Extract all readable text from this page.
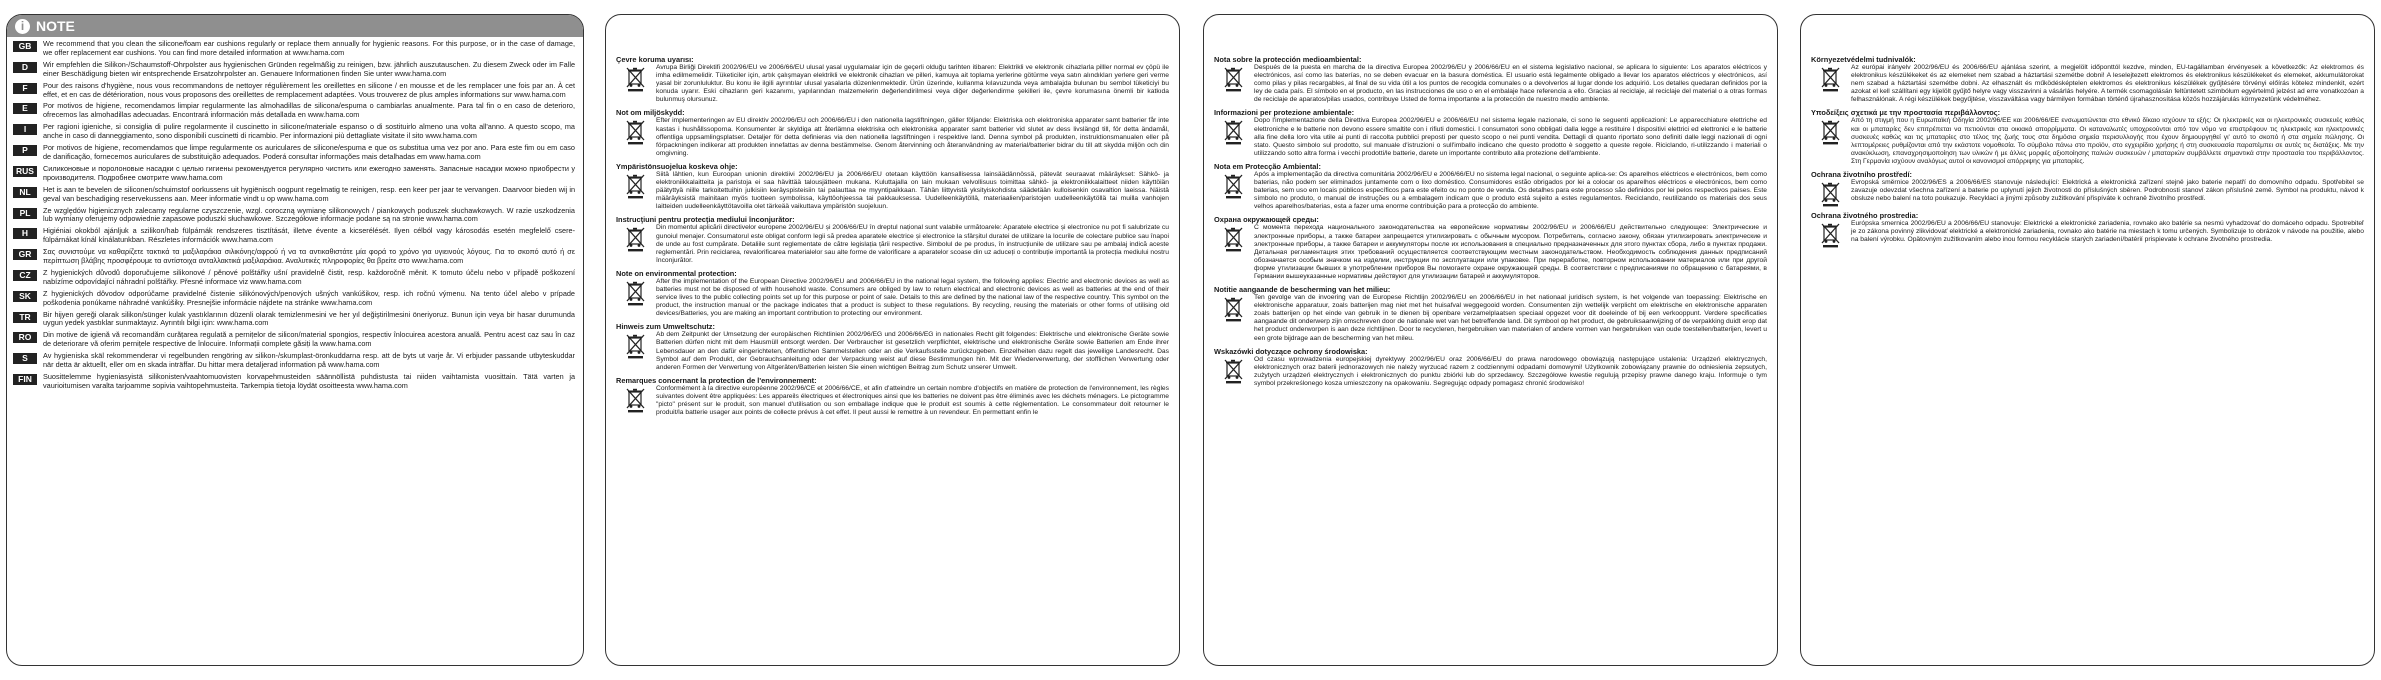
i NOTE
GB	We recommend that you clean the silicone/foam ear cushions regularly or replace them annually for hygienic reasons. For this purpose, or in the case of damage, we offer replacement ear cushions. You can find more detailed information at www.hama.com
D	Wir empfehlen die Silikon-/Schaumstoff-Ohrpolster aus hygienischen Gründen regelmäßig zu reinigen, bzw. jährlich auszutauschen. Zu diesem Zweck oder im Falle einer Beschädigung bieten wir entsprechende Ersatzohrpolster an. Genauere Informationen finden Sie unter www.hama.com
F	Pour des raisons d'hygiène, nous vous recommandons de nettoyer régulièrement les oreillettes en silicone / en mousse et de les remplacer une fois par an. À cet effet, et en cas de détérioration, nous vous proposons des oreillettes de remplacement adaptées. Vous trouverez de plus amples informations sur www.hama.com
E	Por motivos de higiene, recomendamos limpiar regularmente las almohadillas de silicona/espuma o cambiarlas anualmente. Para tal fin o en caso de deterioro, ofrecemos las almohadillas adecuadas. Encontrará información más detallada en www.hama.com
I	Per ragioni igieniche, si consiglia di pulire regolarmente il cuscinetto in silicone/materiale espanso o di sostituirlo almeno una volta all'anno. A questo scopo, ma anche in caso di danneggiamento, sono disponibili cuscinetti di ricambio. Per informazioni più dettagliate visitate il sito www.hama.com
P	Por motivos de higiene, recomendamos que limpe regularmente os auriculares de silicone/espuma e que os substitua uma vez por ano. Para este fim ou em caso de danificação, fornecemos auriculares de substituição adequados. Poderá consultar informações mais detalhadas em www.hama.com
RUS	Силиконовые и поролоновые насадки с целью гигиены рекомендуется регулярно чистить или ежегодно заменять. Запасные насадки можно приобрести у производителя. Подробнее смотрите www.hama.com
NL	Het is aan te bevelen de siliconen/schuimstof oorkussens uit hygiënisch oogpunt regelmatig te reinigen, resp. een keer per jaar te vervangen. Daarvoor bieden wij in geval van beschadiging reservekussens aan. Meer informatie vindt u op www.hama.com
PL	Ze względów higienicznych zalecamy regularne czyszczenie, wzgl. coroczną wymianę silikonowych / piankowych poduszek słuchawkowych. W razie uszkodzenia lub wymiany oferujemy odpowiednie zapasowe poduszki słuchawkowe. Szczegółowe informacje podane są na stronie www.hama.com
H	Higiéniai okokból ajánljuk a szilikon/hab fülpárnák rendszeres tisztítását, illetve évente a kicserélését. Ilyen célból vagy károsodás esetén megfelelő csere-fülpárnákat kínál kínálatunkban. Részletes információk www.hama.com
GR	Σας συνιστούμε να καθαρίζετε τακτικά τα μαξιλαράκια σιλικόνης/αφρού ή να τα αντικαθιστάτε μία φορά το χρόνο για υγιεινούς λόγους. Για το σκοπό αυτό ή σε περίπτωση βλάβης προσφέρουμε τα αντίστοιχα ανταλλακτικά μαξιλαράκια. Αναλυτικές πληροφορίες θα βρείτε στο www.hama.com
CZ	Z hygienických důvodů doporučujeme silikonové / pěnové polštářky ušní pravidelně čistit, resp. každoročně měnit. K tomuto účelu nebo v případě poškození nabízíme odpovídající náhradní polštářky. Přesné informace viz www.hama.com
SK	Z hygienických dôvodov odporúčame pravidelné čistenie silikónových/penových ušných vankúšikov, resp. ich ročnú výmenu. Na tento účel alebo v prípade poškodenia ponúkame náhradné vankúšiky. Presnejšie informácie nájdete na stránke www.hama.com
TR	Bir hijyen gereği olarak silikon/sünger kulak yastıklarının düzenli olarak temizlenmesini ve her yıl değiştirilmesini öneriyoruz. Bunun için veya bir hasar durumunda uygun yedek yastıklar sunmaktayız. Ayrıntılı bilgi için: www.hama.com
RO	Din motive de igienă vă recomandăm curățarea regulată a pernițelor de silicon/material spongios, respectiv înlocuirea acestora anuală. Pentru acest caz sau în caz de deteriorare vă oferim pernițele respective de înlocuire. Informații complete găsiți la www.hama.com
S	Av hygieniska skäl rekommenderar vi regelbunden rengöring av silikon-/skumplast-öronkuddarna resp. att de byts ut varje år. Vi erbjuder passande utbyteskuddar när detta är aktuellt, eller om en skada inträffar. Du hittar mera detaljerad information på www.hama.com
FIN	Suosittelemme hygieniasyistä silikonisten/vaahtomuovisten korvapehmusteiden säännöllistä puhdistusta tai niiden vaihtamista vuosittain. Tätä varten ja vaurioitumisen varalta tarjoamme sopivia vaihtopehmusteita. Tarkempia tietoja löydät osoitteesta www.hama.com
Çevre koruma uyarısı:
Avrupa Birliği Direktifi 2002/96/EU ve 2006/66/EU ulusal yasal uygulamalar için de geçerli olduğu tarihten itibaren: Elektrikli ve elektronik cihazlarla pilller normal ev çöpü ile imha edilmemelidir. Tüketiciler için, artık çalışmayan elektrikli ve elektronik cihazları ve pilleri, kamuya ait toplama yerlerine götürme veya satın alındıkları yerlere geri verme yasal bir zorunluluktur. Bu konu ile ilgili ayrıntılar ulusal yasalarla düzenlenmektedir. Ürün üzerinde, kullanma kılavuzunda veya ambalajda bulunan bu sembol tüketiciyi bu konuda uyarır. Eski cihazların geri kazanımı, yapılarından malzemelerin değerlendirilmesi veya diğer değerlendirme şekilleri ile, çevre korumasına önemli bir katkıda bulunmuş olursunuz.
Not om miljöskydd:
Efter implementeringen av EU direktiv 2002/96/EU och 2006/66/EU i den nationella lagstiftningen, gäller följande: Elektriska och elektroniska apparater samt batterier får inte kastas i hushållssoporna. Konsumenter är skyldiga att återlämna elektriska och elektroniska apparater samt batterier vid slutet av dess livslängd till, för detta ändamål, offentliga uppsamlingsplatser. Detaljer för detta definieras via den nationella lagstiftningen i respektive land. Denna symbol på produkten, instruktionsmanualen eller på förpackningen indikerar att produkten innefattas av denna bestämmelse. Genom återvinning och återanvändning av material/batterier bidrar du till att skydda miljön och din omgivning.
Ympäristönsuojelua koskeva ohje:
Siitä lähtien, kun Euroopan unionin direktiivi 2002/96/EU ja 2006/66/EU otetaan käyttöön kansallisessa lainsäädännössä, pätevät seuraavat määräykset: Sähkö- ja elektroniikkalaitteita ja paristoja ei saa hävittää talousjätteen mukana. Kuluttajalla on lain mukaan velvollisuus toimittaa sähkö- ja elektroniikkalaitteet niiden käyttöiän päätyttyä niille tarkoitettuihin julkisiin keräyspisteisiin tai palauttaa ne myyntipaikkaan. Tähän liittyvistä yksityiskohdista säädetään kulloisenkin osavaltion laeissa. Näistä määräyksistä mainitaan myös tuotteen symbolissa, käyttöohjeessa tai pakkauksessa. Uudelleenkäytöllä, materiaalien/paristojen uudelleenkäytöllä tai muilla vanhojen laitteiden uudelleenkäyttötavoilla olet tärkeää vaikuttava ympäristön suojeluun.
Instrucţiuni pentru protecţia mediului înconjurător:
Din momentul aplicării directivelor europene 2002/96/EU și 2006/66/EU în dreptul național sunt valabile următoarele: Aparatele electrice și electronice nu pot fi salubrizate cu gunoiul menajer. Consumatorul este obligat conform legii să predea aparatele electrice și electronice la sfârșitul duratei de utilizare la locurile de colectare publice sau înapoi de unde au fost cumpărate. Detaliile sunt reglementate de către legislația țării respective. Simbolul de pe produs, în instrucțiunile de utilizare sau pe ambalaj indică aceste reglementări. Prin reciclarea, revalorificarea materialelor sau alte forme de valorificare a aparatelor scoase din uz aduceți o contribuție importantă la protecția mediului nostru înconjurător.
Note on environmental protection:
After the implementation of the European Directive 2002/96/EU and 2006/66/EU in the national legal system, the following applies: Electric and electronic devices as well as batteries must not be disposed of with household waste. Consumers are obliged by law to return electrical and electronic devices as well as batteries at the end of their service lives to the public collecting points set up for this purpose or point of sale. Details to this are defined by the national law of the respective country. This symbol on the product, the instruction manual or the package indicates that a product is subject to these regulations. By recycling, reusing the materials or other forms of utilising old devices/Batteries, you are making an important contribution to protecting our environment.
Hinweis zum Umweltschutz:
Ab dem Zeitpunkt der Umsetzung der europäischen Richtlinien 2002/96/EG und 2006/66/EG in nationales Recht gilt folgendes: Elektrische und elektronische Geräte sowie Batterien dürfen nicht mit dem Hausmüll entsorgt werden. Der Verbraucher ist gesetzlich verpflichtet, elektrische und elektronische Geräte sowie Batterien am Ende ihrer Lebensdauer an den dafür eingerichteten, öffentlichen Sammelstellen oder an die Verkaufsstelle zurückzugeben. Einzelheiten dazu regelt das jeweilige Landesrecht. Das Symbol auf dem Produkt, der Gebrauchsanleitung oder der Verpackung weist auf diese Bestimmungen hin. Mit der Wiederverwertung, der stofflichen Verwertung oder anderen Formen der Verwertung von Altgeräten/Batterien leisten Sie einen wichtigen Beitrag zum Schutz unserer Umwelt.
Remarques concernant la protection de l'environnement:
Conformément à la directive européenne 2002/96/CE et 2006/66/CE, et afin d'atteindre un certain nombre d'objectifs en matière de protection de l'environnement, les règles suivantes doivent être appliquées: Les appareils électriques et électroniques ainsi que les batteries ne doivent pas être éliminés avec les déchets ménagers. Le pictogramme "picto" présent sur le produit, son manuel d'utilisation ou son emballage indique que le produit est soumis à cette réglementation. Le consommateur doit retourner le produit/la batterie usager aux points de collecte prévus à cet effet. Il peut aussi le remettre à un revendeur. En permettant enfin le
Nota sobre la protección medioambiental:
Después de la puesta en marcha de la directiva Europea 2002/96/EU y 2006/66/EU en el sistema legislativo nacional, se aplicara lo siguiente: Los aparatos eléctricos y electrónicos, así como las baterías, no se deben evacuar en la basura doméstica. El usuario está legalmente obligado a llevar los aparatos eléctricos y electrónicos, así como pilas y pilas recargables, al final de su vida útil a los puntos de recogida comunales o a devolverlos al lugar donde los adquirió. Los detalles quedaran definidos por la ley de cada país. El símbolo en el producto, en las instrucciones de uso o en el embalaje hace referencia a ello. Gracias al reciclaje, al reciclaje del material o a otras formas de reciclaje de aparatos/pilas usados, contribuye Usted de forma importante a la protección de nuestro medio ambiente.
Informazioni per protezione ambientale:
Dopo l'implementazione della Direttiva Europea 2002/96/EU e 2006/66/EU nel sistema legale nazionale, ci sono le seguenti applicazioni: Le apparecchiature elettriche ed elettroniche e le batterie non devono essere smaltite con i rifiuti domestici. I consumatori sono obbligati dalla legge a restituire I dispositivi elettrici ed elettronici e le batterie alla fine della loro vita utile ai punti di raccolta pubblici preposti per questo scopo o nei punti vendita. Dettagli di quanto riportato sono definiti dalle leggi nazionali di ogni stato. Questo simbolo sul prodotto, sul manuale d'istruzioni o sull'imballo indicano che questo prodotto è soggetto a queste regole. Riciclando, ri-utilizzando i materiali o utilizzando sotto altra forma i vecchi prodotti/le batterie, darete un importante contributo alla protezione dell'ambiente.
Nota em Protecção Ambiental:
Após a implementação da directiva comunitária 2002/96/EU e 2006/66/EU no sistema legal nacional, o seguinte aplica-se: Os aparelhos eléctricos e electrónicos, bem como baterias, não podem ser eliminados juntamente com o lixo doméstico. Consumidores estão obrigados por lei a colocar os aparelhos eléctricos e electrónicos, bem como baterias, sem uso em locais públicos específicos para este efeito ou no ponto de venda. Os detalhes para este processo são definidos por lei pelos respectivos países. Este símbolo no produto, o manual de instruções ou a embalagem indicam que o produto está sujeito a estes regulamentos. Reciclando, reutilizando os materiais dos seus velhos aparelhos/baterias, esta a fazer uma enorme contribuição para a protecção do ambiente.
Охрана окружающей среды:
С момента перехода национального законодательства на европейские нормативы 2002/96/EU и 2006/66/EU действительно следующее: Электрические и электронные приборы, а также батареи запрещается утилизировать с обычным мусором. Потребитель, согласно закону, обязан утилизировать электрические и электронные приборы, а также батареи и аккумуляторы после их использования в специально предназначенных для этого пунктах сбора, либо в пунктах продажи. Детальная регламентация этих требований осуществляется соответствующим местным законодательством. Необходимость соблюдения данных предписаний обозначается особым значком на изделии, инструкции по эксплуатации или упаковке. При переработке, повторном использовании материалов или при другой форме утилизации бывших в употреблении приборов Вы помогаете охране окружающей среды. В соответствии с предписаниями по обращению с батареями, в Германии вышеуказанные нормативы действуют для утилизации батарей и аккумуляторов.
Notitie aangaande de bescherming van het milieu:
Ten gevolge van de invoering van de Europese Richtlijn 2002/96/EU en 2006/66/EU in het nationaal juridisch system, is het volgende van toepassing: Elektrische en elektronische apparatuur, zoals batterijen mag niet met het huisafval weggegooid worden. Consumenten zijn wettelijk verplicht om elektrische en elektronische apparaten zoals batterijen op het einde van gebruik in te dienen bij openbare verzamelplaatsen speciaal opgezet voor dit doeleinde of bij een verkooppunt. Verdere specificaties aangaande dit onderwerp zijn omschreven door de nationale wet van het betreffende land. Dit symbool op het product, de gebruiksaanwijzing of de verpakking duidt erop dat het product onderworpen is aan deze richtlijnen. Door te recycleren, hergebruiken van materialen of andere vormen van hergebruiken van oude toestellen/batterijen, levert u een grote bijdrage aan de bescherming van het mileu.
Wskazówki dotyczące ochrony środowiska:
Od czasu wprowadzenia europejskiej dyrektywy 2002/96/EU oraz 2006/66/EU do prawa narodowego obowiązują następujące ustalenia: Urządzeń elektrycznych, elektronicznych oraz baterii jednorazowych nie należy wyrzucać razem z codziennymi odpadami domowymi! Użytkownik zobowiązany prawnie do odniesienia zepsutych, zużytych urządzeń elektrycznych i elektronicznych do punktu zbiórki lub do sprzedawcy. Szczegółowe kwestie regulują przepisy prawne danego kraju. Informuje o tym symbol przekreślonego kosza umieszczony na opakowaniu. Segregując odpady pomagasz chronić środowisko!
Környezetvédelmi tudnivalók:
Az európai irányelv 2002/96/EU és 2006/66/EU ajánlása szerint, a megjelölt időponttól kezdve, minden, EU-tagállamban érvényesek a következők: Az elektromos és elektronikus készülékeket és az elemeket nem szabad a háztartási szemétbe dobni! A leselejtezett elektromos és elektronikus készülékeket és elemeket, akkumulátorokat nem szabad a háztartási szemétbe dobni. Az elhasznált és működésképtelen elektromos és elektronikus készülékek gyűjtésére törvényi előírás kötelez mindenkit, ezért azokat el kell szállítani egy kijelölt gyűjtő helyre vagy visszavinni a vásárlás helyére. A termék csomagolásán feltüntetett szimbólum egyértelmű jelzést ad erre vonatkozóan a felhasználónak. A régi készülékek begyűjtése, visszaváltása vagy bármilyen formában történő újrahasznosítása közös hozzájárulás környezetünk védelméhez.
Υποδείξεις σχετικά με την προστασία περιβάλλοντος:
Από τη στιγμή που η Ευρωπαϊκή Οδηγία 2002/96/EE και 2006/66/EE ενσωματώνεται στο εθνικό δίκαιο ισχύουν τα εξής: Οι ηλεκτρικές και οι ηλεκτρονικές συσκευές καθώς και οι μπαταρίες δεν επιτρέπεται να πετιούνται στα οικιακά απορρίμματα. Οι καταναλωτές υποχρεούνται από τον νόμο να επιστρέφουν τις ηλεκτρικές και ηλεκτρονικές συσκευές καθώς και τις μπαταρίες στο τέλος της ζωής τους στα δημόσια σημεία περισυλλογής που έχουν δημιουργηθεί γι' αυτό το σκοπό ή στα σημεία πώλησης. Οι λεπτομέρειες ρυθμίζονται από την εκάστοτε νομοθεσία. Το σύμβολο πάνω στο προϊόν, στο εγχειρίδιο χρήσης ή στη συσκευασία παραπέμπει σε αυτές τις διατάξεις. Με την ανακύκλωση, επαναχρησιμοποίηση των υλικών ή με άλλες μορφές αξιοποίησης παλιών συσκευών / μπαταριών συμβάλλετε σημαντικά στην προστασία του περιβάλλοντος. Στη Γερμανία ισχύουν αναλόγως αυτοί οι κανονισμοί απόρριψης για μπαταρίες.
Ochrana životního prostředí:
Evropská směrnice 2002/96/ES a 2006/66/ES stanovuje následující: Elektrická a elektronická zařízení stejně jako baterie nepatří do domovního odpadu. Spotřebitel se zavazuje odevzdat všechna zařízení a baterie po uplynutí jejich životnosti do příslušných sběren. Podrobnosti stanoví zákon příslušné země. Symbol na produktu, návod k obsluze nebo balení na toto poukazuje. Recyklací a jinými způsoby zužitkování přispíváte k ochraně životního prostředí.
Ochrana životného prostredia:
Európska smernica 2002/96/EU a 2006/66/EU stanovuje: Elektrické a elektronické zariadenia, rovnako ako batérie sa nesmú vyhadzovať do domáceho odpadu. Spotrebiteľ je zo zákona povinný zlikvidovať elektrické a elektronické zariadenia, rovnako ako batérie na miestach k tomu určených. Symbolizuje to obrázok v návode na použitie, alebo na balení výrobku. Opätovným zužitkovaním alebo inou formou recyklácie starých zariadení/batérií prispievate k ochrane životného prostredia.
